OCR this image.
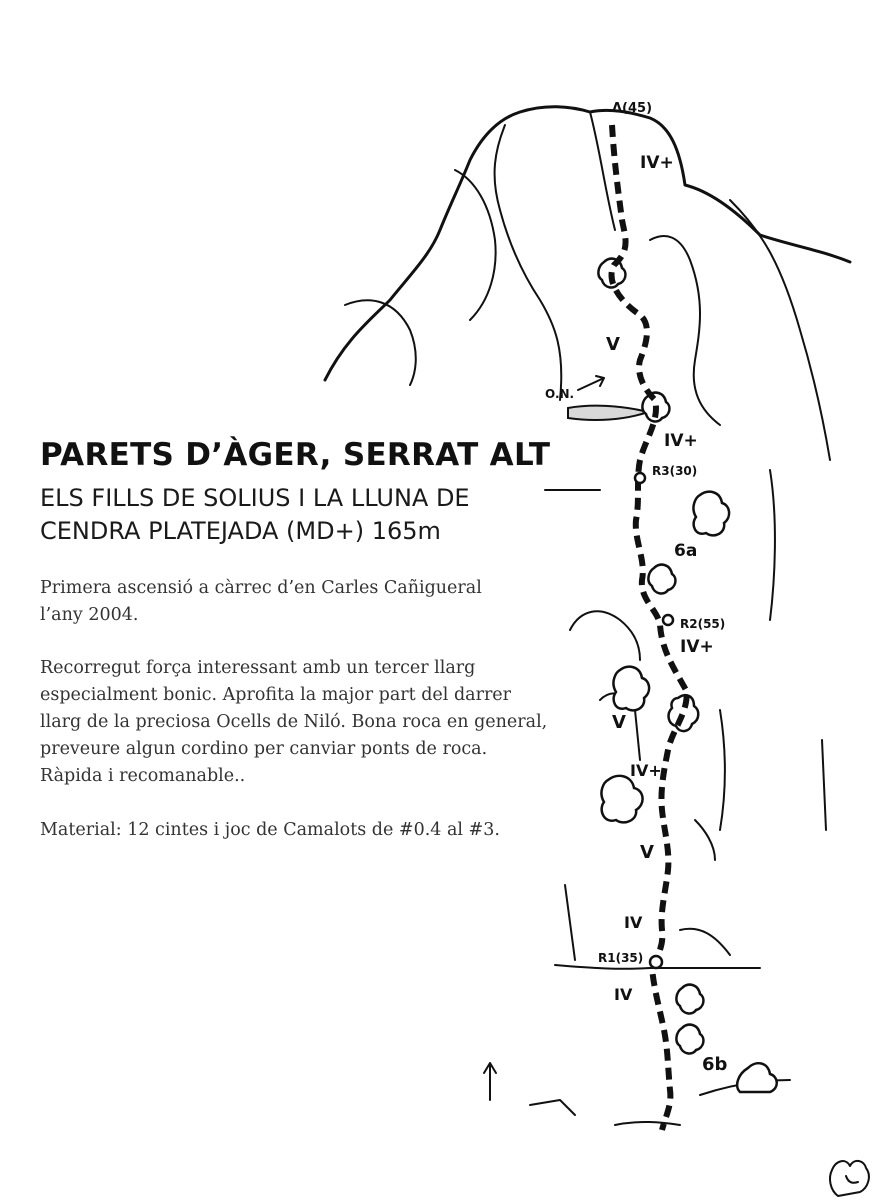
Δ(45)
IV+
V
O.N.
IV+
R3(30)
6a
R2(55)
IV+
V
IV+
V
IV
R1(35)
IV
6b
PARETS D’ÀGER, SERRAT ALT
ELS FILLS DE SOLIUS I LA LLUNA DE
CENDRA PLATEJADA (MD+) 165m

Primera ascensió a càrrec d’en Carles Cañigueral
l’any 2004.

Recorregut força interessant amb un tercer llarg
especialment bonic. Aprofita la major part del darrer
llarg de la preciosa Ocells de Niló. Bona roca en general,
preveure algun cordino per canviar ponts de roca.
Ràpida i recomanable..

Material: 12 cintes i joc de Camalots de #0.4 al #3.
